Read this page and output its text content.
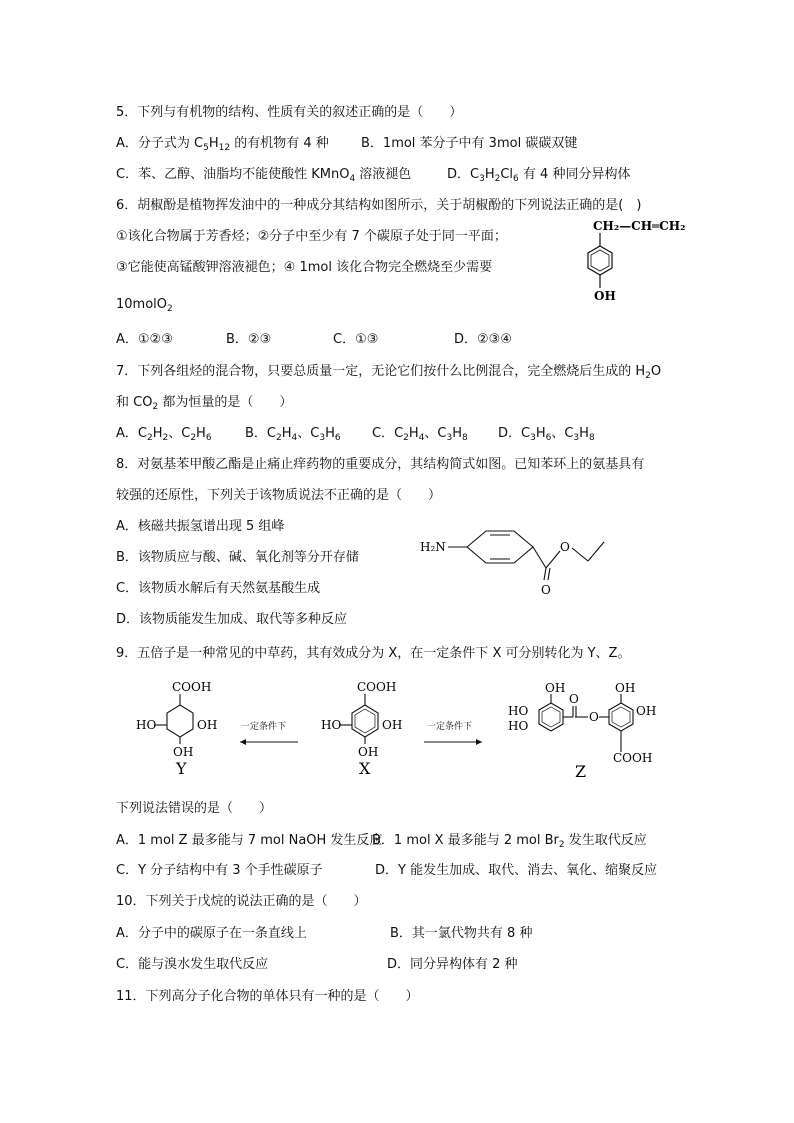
5．下列与有机物的结构、性质有关的叙述正确的是（　　）
A．分子式为 $C_5H_{12}$ 的有机物有 4 种 B．1mol 苯分子中有 3mol 碳碳双键
C．苯、乙醇、油脂均不能使酸性 KMnO$_4$ 溶液褪色	D．$C_3H_2Cl_6$ 有 4 种同分异构体
6．胡椒酚是植物挥发油中的一种成分其结构如图所示，关于胡椒酚的下列说法正确的是(　)
①该化合物属于芳香烃；②分子中至少有 7 个碳原子处于同一平面；
③它能使高锰酸钾溶液褪色；④ 1mol 该化合物完全燃烧至少需要
10molO$_2$
A．①②③	B．②③	C．①③	D．②③④
CH₂—CH═CH₂
OH
7．下列各组烃的混合物，只要总质量一定，无论它们按什么比例混合，完全燃烧后生成的 $H_2O$
和 $CO_2$ 都为恒量的是（　　）
A．$C_2H_2$、$C_2H_6$	B．$C_2H_4$、$C_3H_6$ C．$C_2H_4$、$C_3H_8$ D．$C_3H_6$、$C_3H_8$
8．对氨基苯甲酸乙酯是止痛止痒药物的重要成分，其结构简式如图。已知苯环上的氨基具有
较强的还原性，下列关于该物质说法不正确的是（　　）
A．核磁共振氢谱出现 5 组峰
B．该物质应与酸、碱、氧化剂等分开存储
C．该物质水解后有天然氨基酸生成
D．该物质能发生加成、取代等多种反应
H₂N
O
O
9．五倍子是一种常见的中草药，其有效成分为 X，在一定条件下 X 可分别转化为 Y、Z。
COOH
HO	OH
OH
Y
一定条件下
COOH
HO	OH
OH
X
一定条件下
OH
HO
HO
O
O
OH
OH
COOH
Z
下列说法错误的是（　　）
A．1 mol Z 最多能与 7 mol NaOH 发生反应
B．1 mol X 最多能与 2 mol $Br_2$ 发生取代反应
C．Y 分子结构中有 3 个手性碳原子	D．Y 能发生加成、取代、消去、氧化、缩聚反应
10．下列关于戊烷的说法正确的是（　　）
A．分子中的碳原子在一条直线上	B．其一氯代物共有 8 种
C．能与溴水发生取代反应	D．同分异构体有 2 种
11．下列高分子化合物的单体只有一种的是（　　）
